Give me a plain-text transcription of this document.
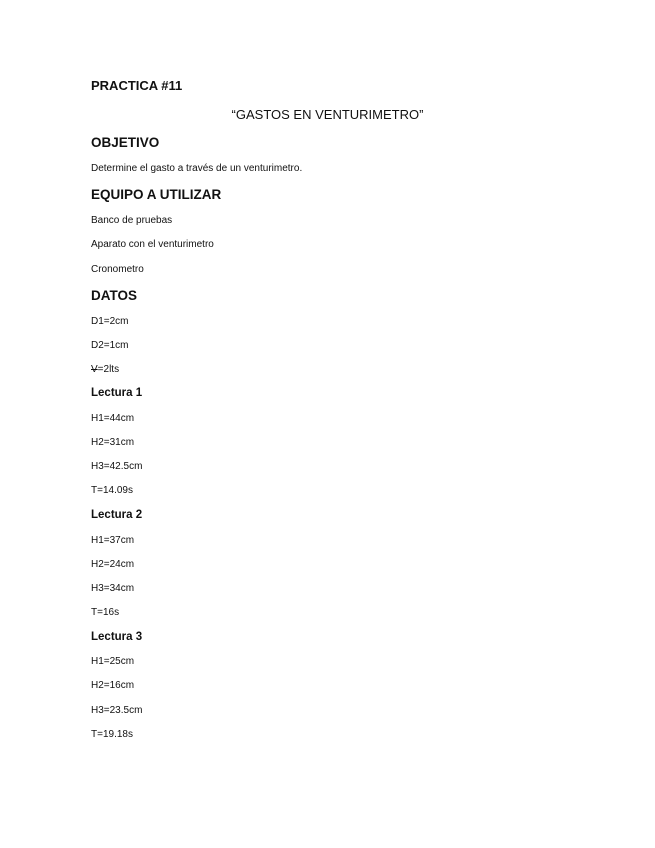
PRACTICA #11
“GASTOS EN VENTURIMETRO”
OBJETIVO
Determine el gasto a través de un venturimetro.
EQUIPO A UTILIZAR
Banco de pruebas
Aparato con el venturimetro
Cronometro
DATOS
D1=2cm
D2=1cm
V=2lts
Lectura 1
H1=44cm
H2=31cm
H3=42.5cm
T=14.09s
Lectura 2
H1=37cm
H2=24cm
H3=34cm
T=16s
Lectura 3
H1=25cm
H2=16cm
H3=23.5cm
T=19.18s
